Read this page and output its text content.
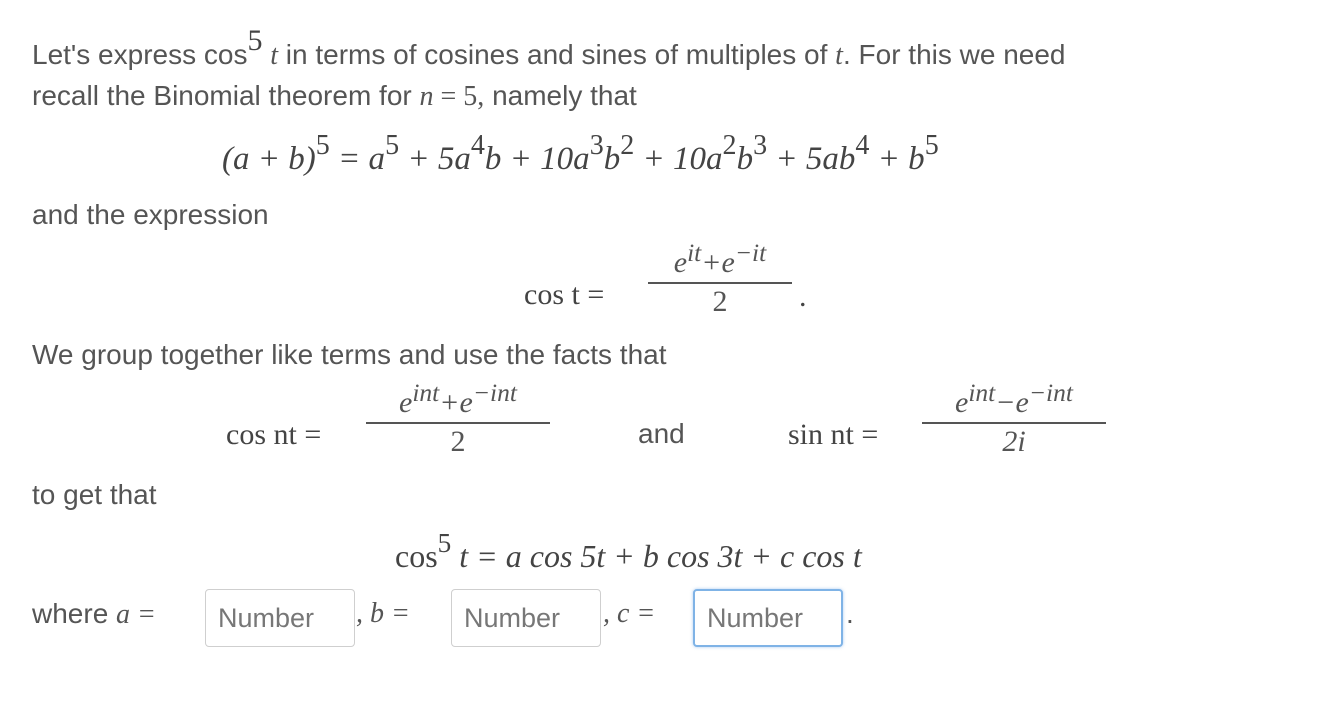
Let's express cos5 t in terms of cosines and sines of multiples of t. For this we need
recall the Binomial theorem for n = 5, namely that
$(a + b)^5 = a^5 + 5a^4b + 10a^3b^2 + 10a^2b^3 + 5ab^4 + b^5$
and the expression
cos t =
$e^{it}+e^{-it}$
2	.
We group together like terms and use the facts that
cos nt =
$e^{int}+e^{-int}$
2	and	sin nt =
$e^{int}-e^{-int}$
2i
to get that
$\cos^5 t = a$ cos 5t + b cos 3t + c cos t
where a =
Number	, b =
Number	, c =
Number	.
